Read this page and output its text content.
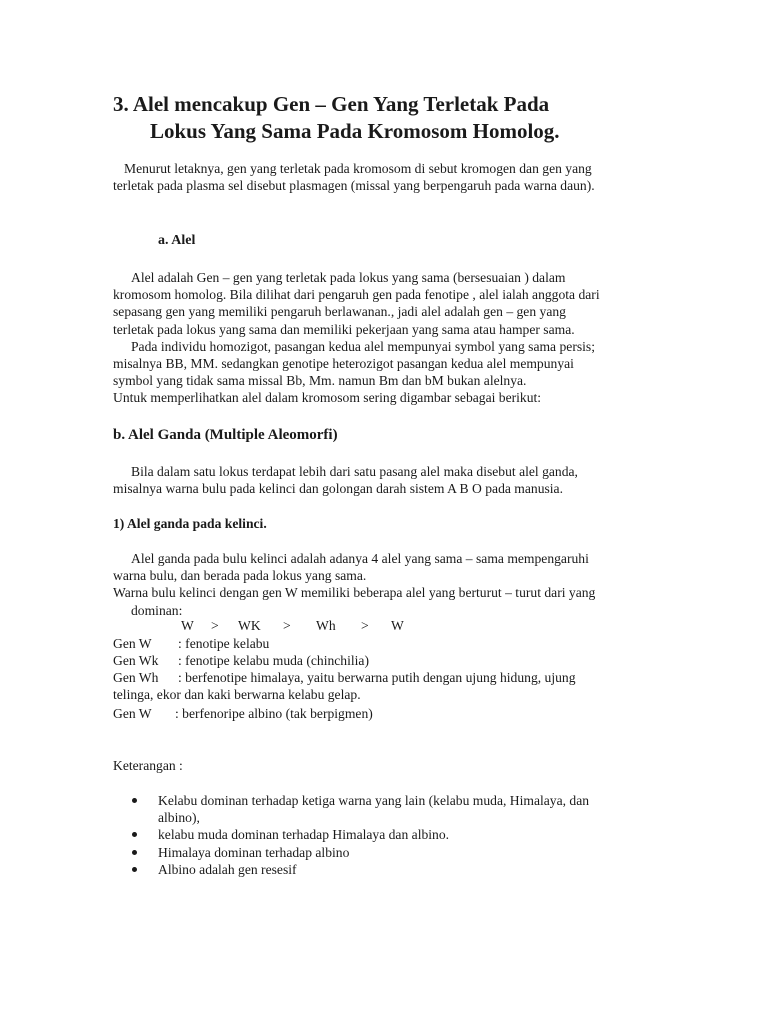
3. Alel mencakup Gen – Gen Yang Terletak Pada
Lokus Yang Sama Pada Kromosom Homolog.
Menurut letaknya, gen yang terletak pada kromosom di sebut kromogen dan gen yang
terletak pada plasma sel disebut plasmagen (missal yang berpengaruh pada warna daun).
a. Alel
Alel adalah Gen – gen yang terletak pada lokus yang sama (bersesuaian ) dalam
kromosom homolog. Bila dilihat dari pengaruh gen pada fenotipe , alel ialah anggota dari
sepasang gen yang memiliki pengaruh berlawanan., jadi alel adalah gen – gen yang
terletak pada lokus yang sama dan memiliki pekerjaan yang sama atau hamper sama.
Pada individu homozigot, pasangan kedua alel mempunyai symbol yang sama persis;
misalnya BB, MM. sedangkan genotipe heterozigot pasangan kedua alel mempunyai
symbol yang tidak sama missal Bb, Mm. namun Bm dan bM bukan alelnya.
Untuk memperlihatkan alel dalam kromosom sering digambar sebagai berikut:
b. Alel Ganda (Multiple Aleomorfi)
Bila dalam satu lokus terdapat lebih dari satu pasang alel maka disebut alel ganda,
misalnya warna bulu pada kelinci dan golongan darah sistem A B O pada manusia.
1) Alel ganda pada kelinci.
Alel ganda pada bulu kelinci adalah adanya 4 alel yang sama – sama mempengaruhi
warna bulu, dan berada pada lokus yang sama.
Warna bulu kelinci dengan gen W memiliki beberapa alel yang berturut – turut dari yang
dominan:
W > WK > Wh > W
Gen W : fenotipe kelabu
Gen Wk : fenotipe kelabu muda (chinchilia)
Gen Wh : berfenotipe himalaya, yaitu berwarna putih dengan ujung hidung, ujung
telinga, ekor dan kaki berwarna kelabu gelap.
Gen W : berfenoripe albino (tak berpigmen)
Keterangan :
Kelabu dominan terhadap ketiga warna yang lain (kelabu muda, Himalaya, dan
albino),
kelabu muda dominan terhadap Himalaya dan albino.
Himalaya dominan terhadap albino
Albino adalah gen resesif
